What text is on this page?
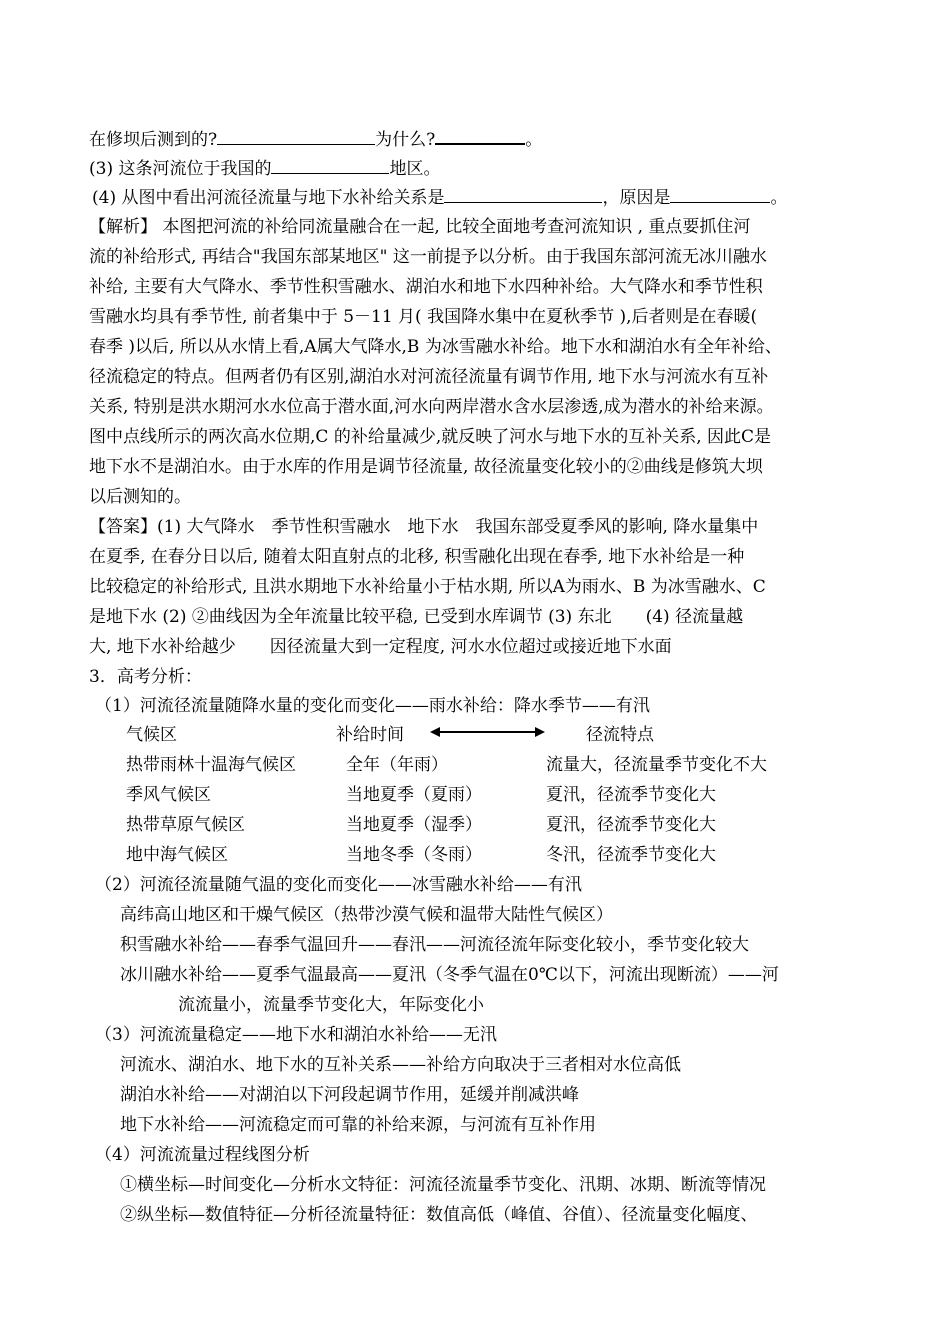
在修坝后测到的?	为什么?	。
(3) 这条河流位于我国的	地区。
(4) 从图中看出河流径流量与地下水补给关系是	，原因是	。
【解析】 本图把河流的补给同流量融合在一起, 比较全面地考查河流知识 , 重点要抓住河
流的补给形式, 再结合"我国东部某地区" 这一前提予以分析。由于我国东部河流无冰川融水
补给, 主要有大气降水、季节性积雪融水、湖泊水和地下水四种补给。大气降水和季节性积
雪融水均具有季节性, 前者集中于 5－11 月( 我国降水集中在夏秋季节 ),后者则是在春暖(
春季 )以后, 所以从水情上看,A属大气降水,B 为冰雪融水补给。地下水和湖泊水有全年补给、
径流稳定的特点。但两者仍有区别,湖泊水对河流径流量有调节作用, 地下水与河流水有互补
关系, 特别是洪水期河水水位高于潜水面,河水向两岸潜水含水层渗透,成为潜水的补给来源。
图中点线所示的两次高水位期,C 的补给量减少,就反映了河水与地下水的互补关系, 因此C是
地下水不是湖泊水。由于水库的作用是调节径流量, 故径流量变化较小的②曲线是修筑大坝
以后测知的。
【答案】(1) 大气降水　季节性积雪融水　地下水　我国东部受夏季风的影响, 降水量集中
在夏季, 在春分日以后, 随着太阳直射点的北移, 积雪融化出现在春季, 地下水补给是一种
比较稳定的补给形式, 且洪水期地下水补给量小于枯水期, 所以A为雨水、B 为冰雪融水、C
是地下水 (2) ②曲线因为全年流量比较平稳, 已受到水库调节 (3) 东北　　(4) 径流量越
大, 地下水补给越少　　因径流量大到一定程度, 河水水位超过或接近地下水面
3．高考分析：
（1）河流径流量随降水量的变化而变化——雨水补给：降水季节——有汛
气候区	补给时间	径流特点
热带雨林十温海气候区	全年（年雨）	流量大，径流量季节变化不大
季风气候区	当地夏季（夏雨）	夏汛，径流季节变化大
热带草原气候区	当地夏季（湿季）	夏汛，径流季节变化大
地中海气候区	当地冬季（冬雨）	冬汛，径流季节变化大
（2）河流径流量随气温的变化而变化——冰雪融水补给——有汛
高纬高山地区和干燥气候区（热带沙漠气候和温带大陆性气候区）
积雪融水补给——春季气温回升——春汛——河流径流年际变化较小，季节变化较大
冰川融水补给——夏季气温最高——夏汛（冬季气温在0℃以下，河流出现断流）——河
流流量小，流量季节变化大，年际变化小
（3）河流流量稳定——地下水和湖泊水补给——无汛
河流水、湖泊水、地下水的互补关系——补给方向取决于三者相对水位高低
湖泊水补给——对湖泊以下河段起调节作用，延缓并削减洪峰
地下水补给——河流稳定而可靠的补给来源，与河流有互补作用
（4）河流流量过程线图分析
①横坐标—时间变化—分析水文特征：河流径流量季节变化、汛期、冰期、断流等情况
②纵坐标—数值特征—分析径流量特征：数值高低（峰值、谷值）、径流量变化幅度、
